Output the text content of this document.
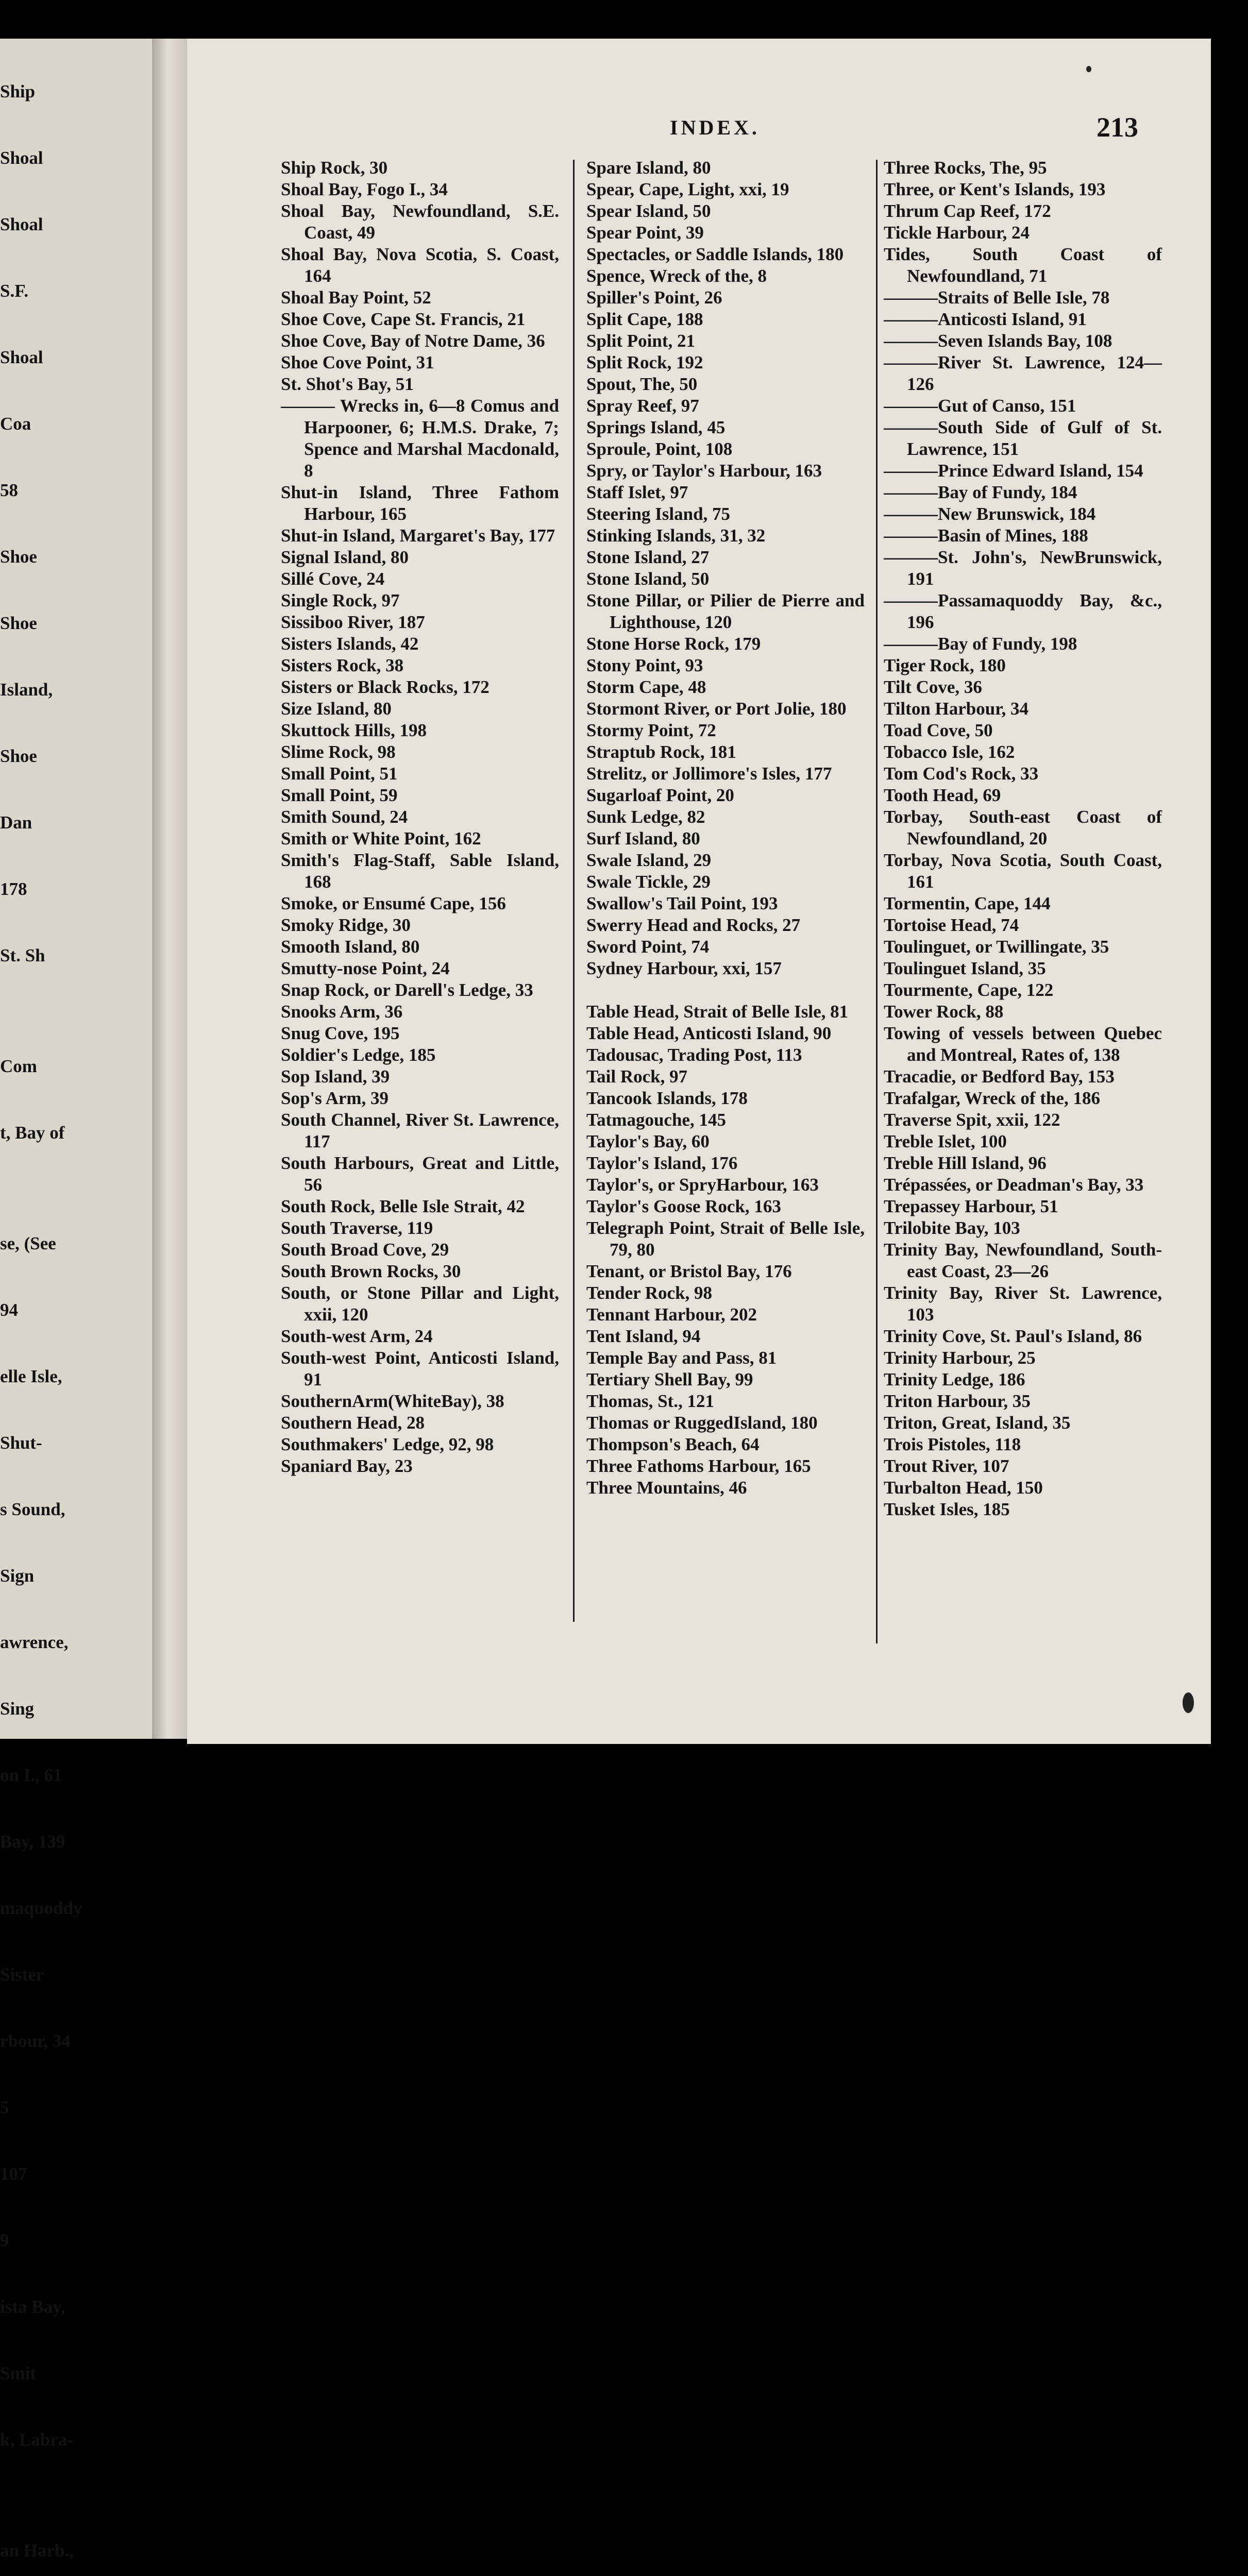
Ship

Shoal

Shoal

S.F.

Shoal

Coa

58

Shoe

Shoe

Island,

Shoe

Dan

178

St. Sh

Com

t, Bay of

se, (See

94

elle Isle,

Shut-

s Sound,

Sign

awrence,

Sing

on I., 61

Bay, 139

maquoddy

Sister

rbour, 34

5

107

9

ista Bay,

Smit

k, Labra-

an Harb.,

INDEX.	213
Ship Rock, 30
Shoal Bay, Fogo I., 34
Shoal Bay, Newfoundland, S.E. Coast, 49
Shoal Bay, Nova Scotia, S. Coast, 164
Shoal Bay Point, 52
Shoe Cove, Cape St. Francis, 21
Shoe Cove, Bay of Notre Dame, 36
Shoe Cove Point, 31
St. Shot's Bay, 51
——— Wrecks in, 6—8 Comus and Harpooner, 6; H.M.S. Drake, 7; Spence and Marshal Macdonald, 8
Shut-in Island, Three Fathom Harbour, 165
Shut-in Island, Margaret's Bay, 177
Signal Island, 80
Sillé Cove, 24
Single Rock, 97
Sissiboo River, 187
Sisters Islands, 42
Sisters Rock, 38
Sisters or Black Rocks, 172
Size Island, 80
Skuttock Hills, 198
Slime Rock, 98
Small Point, 51
Small Point, 59
Smith Sound, 24
Smith or White Point, 162
Smith's Flag-Staff, Sable Island, 168
Smoke, or Ensumé Cape, 156
Smoky Ridge, 30
Smooth Island, 80
Smutty-nose Point, 24
Snap Rock, or Darell's Ledge, 33
Snooks Arm, 36
Snug Cove, 195
Soldier's Ledge, 185
Sop Island, 39
Sop's Arm, 39
South Channel, River St. Lawrence, 117
South Harbours, Great and Little, 56
South Rock, Belle Isle Strait, 42
South Traverse, 119
South Broad Cove, 29
South Brown Rocks, 30
South, or Stone Pillar and Light, xxii, 120
South-west Arm, 24
South-west Point, Anticosti Island, 91
SouthernArm(WhiteBay), 38
Southern Head, 28
Southmakers' Ledge, 92, 98
Spaniard Bay, 23
Spare Island, 80
Spear, Cape, Light, xxi, 19
Spear Island, 50
Spear Point, 39
Spectacles, or Saddle Islands, 180
Spence, Wreck of the, 8
Spiller's Point, 26
Split Cape, 188
Split Point, 21
Split Rock, 192
Spout, The, 50
Spray Reef, 97
Springs Island, 45
Sproule, Point, 108
Spry, or Taylor's Harbour, 163
Staff Islet, 97
Steering Island, 75
Stinking Islands, 31, 32
Stone Island, 27
Stone Island, 50
Stone Pillar, or Pilier de Pierre and Lighthouse, 120
Stone Horse Rock, 179
Stony Point, 93
Storm Cape, 48
Stormont River, or Port Jolie, 180
Stormy Point, 72
Straptub Rock, 181
Strelitz, or Jollimore's Isles, 177
Sugarloaf Point, 20
Sunk Ledge, 82
Surf Island, 80
Swale Island, 29
Swale Tickle, 29
Swallow's Tail Point, 193
Swerry Head and Rocks, 27
Sword Point, 74
Sydney Harbour, xxi, 157
Table Head, Strait of Belle Isle, 81
Table Head, Anticosti Island, 90
Tadousac, Trading Post, 113
Tail Rock, 97
Tancook Islands, 178
Tatmagouche, 145
Taylor's Bay, 60
Taylor's Island, 176
Taylor's, or SpryHarbour, 163
Taylor's Goose Rock, 163
Telegraph Point, Strait of Belle Isle, 79, 80
Tenant, or Bristol Bay, 176
Tender Rock, 98
Tennant Harbour, 202
Tent Island, 94
Temple Bay and Pass, 81
Tertiary Shell Bay, 99
Thomas, St., 121
Thomas or RuggedIsland, 180
Thompson's Beach, 64
Three Fathoms Harbour, 165
Three Mountains, 46
Three Rocks, The, 95
Three, or Kent's Islands, 193
Thrum Cap Reef, 172
Tickle Harbour, 24
Tides, South Coast of Newfoundland, 71
———Straits of Belle Isle, 78
———Anticosti Island, 91
———Seven Islands Bay, 108
———River St. Lawrence, 124—126
———Gut of Canso, 151
———South Side of Gulf of St. Lawrence, 151
———Prince Edward Island, 154
———Bay of Fundy, 184
———New Brunswick, 184
———Basin of Mines, 188
———St. John's, NewBrunswick, 191
———Passamaquoddy Bay, &c., 196
———Bay of Fundy, 198
Tiger Rock, 180
Tilt Cove, 36
Tilton Harbour, 34
Toad Cove, 50
Tobacco Isle, 162
Tom Cod's Rock, 33
Tooth Head, 69
Torbay, South-east Coast of Newfoundland, 20
Torbay, Nova Scotia, South Coast, 161
Tormentin, Cape, 144
Tortoise Head, 74
Toulinguet, or Twillingate, 35
Toulinguet Island, 35
Tourmente, Cape, 122
Tower Rock, 88
Towing of vessels between Quebec and Montreal, Rates of, 138
Tracadie, or Bedford Bay, 153
Trafalgar, Wreck of the, 186
Traverse Spit, xxii, 122
Treble Islet, 100
Treble Hill Island, 96
Trépassées, or Deadman's Bay, 33
Trepassey Harbour, 51
Trilobite Bay, 103
Trinity Bay, Newfoundland, South-east Coast, 23—26
Trinity Bay, River St. Lawrence, 103
Trinity Cove, St. Paul's Island, 86
Trinity Harbour, 25
Trinity Ledge, 186
Triton Harbour, 35
Triton, Great, Island, 35
Trois Pistoles, 118
Trout River, 107
Turbalton Head, 150
Tusket Isles, 185
